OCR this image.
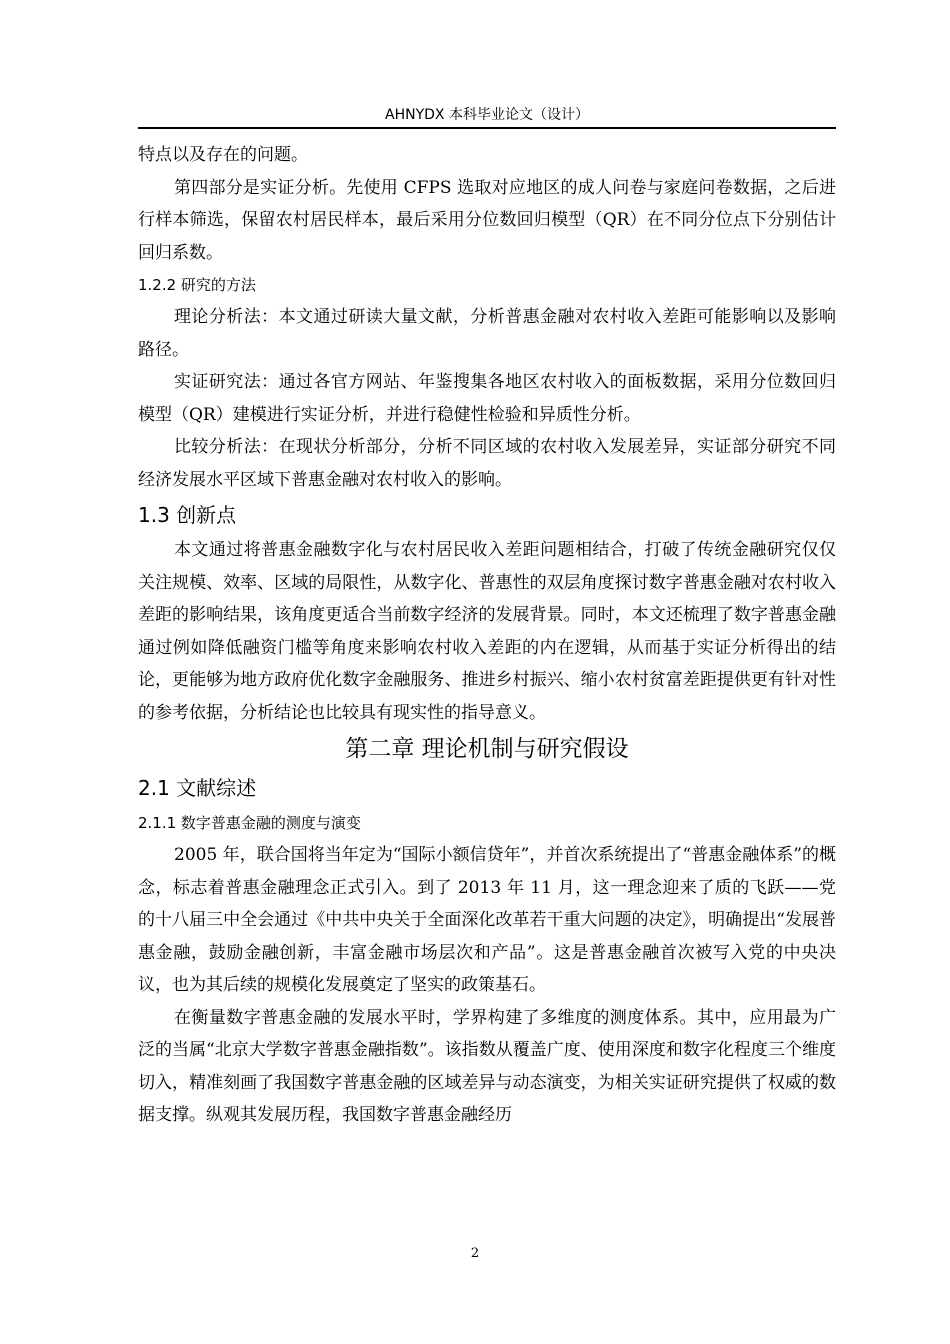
AHNYDX 本科毕业论文（设计）

特点以及存在的问题。

第四部分是实证分析。先使用 CFPS 选取对应地区的成人问卷与家庭问卷数据，之后进行样本筛选，保留农村居民样本，最后采用分位数回归模型（QR）在不同分位点下分别估计回归系数。

1.2.2 研究的方法

理论分析法：本文通过研读大量文献，分析普惠金融对农村收入差距可能影响以及影响路径。

实证研究法：通过各官方网站、年鉴搜集各地区农村收入的面板数据，采用分位数回归模型（QR）建模进行实证分析，并进行稳健性检验和异质性分析。

比较分析法：在现状分析部分，分析不同区域的农村收入发展差异，实证部分研究不同经济发展水平区域下普惠金融对农村收入的影响。

1.3 创新点

本文通过将普惠金融数字化与农村居民收入差距问题相结合，打破了传统金融研究仅仅关注规模、效率、区域的局限性，从数字化、普惠性的双层角度探讨数字普惠金融对农村收入差距的影响结果，该角度更适合当前数字经济的发展背景。同时，本文还梳理了数字普惠金融通过例如降低融资门槛等角度来影响农村收入差距的内在逻辑，从而基于实证分析得出的结论，更能够为地方政府优化数字金融服务、推进乡村振兴、缩小农村贫富差距提供更有针对性的参考依据，分析结论也比较具有现实性的指导意义。

第二章 理论机制与研究假设

2.1 文献综述

2.1.1 数字普惠金融的测度与演变

2005 年，联合国将当年定为“国际小额信贷年”，并首次系统提出了“普惠金融体系”的概念，标志着普惠金融理念正式引入。到了 2013 年 11 月，这一理念迎来了质的飞跃——党的十八届三中全会通过《中共中央关于全面深化改革若干重大问题的决定》，明确提出“发展普惠金融，鼓励金融创新，丰富金融市场层次和产品”。这是普惠金融首次被写入党的中央决议，也为其后续的规模化发展奠定了坚实的政策基石。

在衡量数字普惠金融的发展水平时，学界构建了多维度的测度体系。其中，应用最为广泛的当属“北京大学数字普惠金融指数”。该指数从覆盖广度、使用深度和数字化程度三个维度切入，精准刻画了我国数字普惠金融的区域差异与动态演变，为相关实证研究提供了权威的数据支撑。纵观其发展历程，我国数字普惠金融经历

2
